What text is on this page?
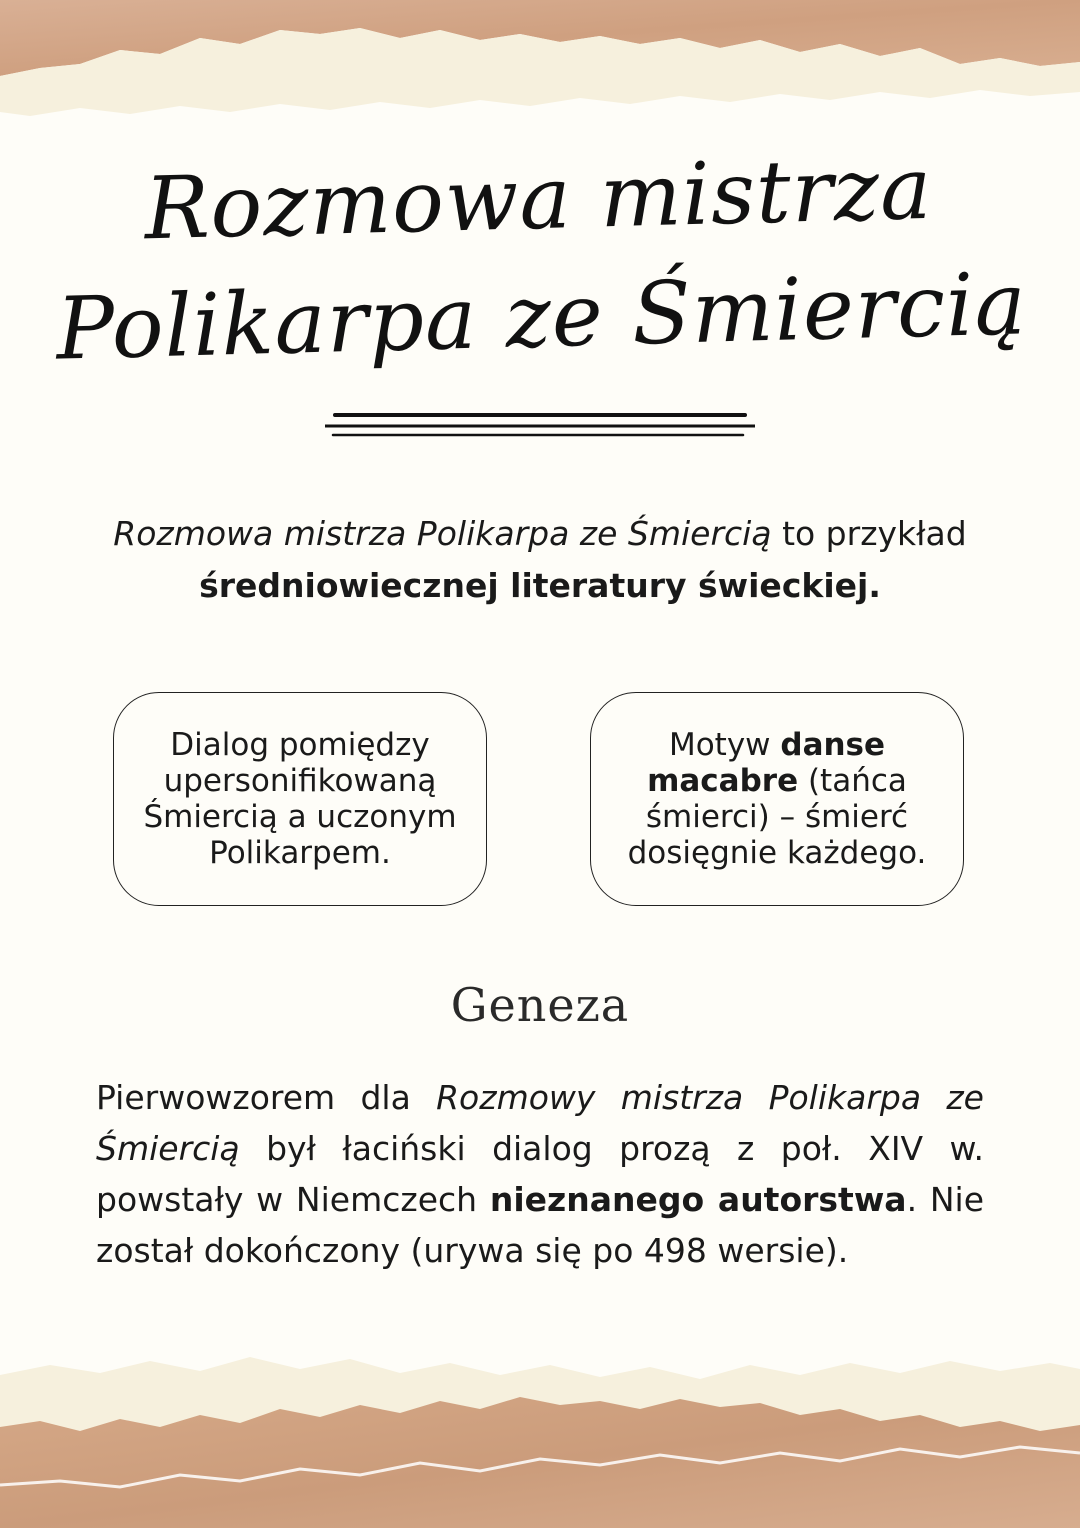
Rozmowa mistrza
Polikarpa ze Śmiercią
Rozmowa mistrza Polikarpa ze Śmiercią to przykład
średniowiecznej literatury świeckiej.
Dialog pomiędzy upersonifikowaną Śmiercią a uczonym Polikarpem.
Motyw danse macabre (tańca śmierci) – śmierć dosięgnie każdego.
Geneza
Pierwowzorem dla Rozmowy mistrza Polikarpa ze Śmiercią był łaciński dialog prozą z poł. XIV w. powstały w Niemczech nieznanego autorstwa. Nie został dokończony (urywa się po 498 wersie).
